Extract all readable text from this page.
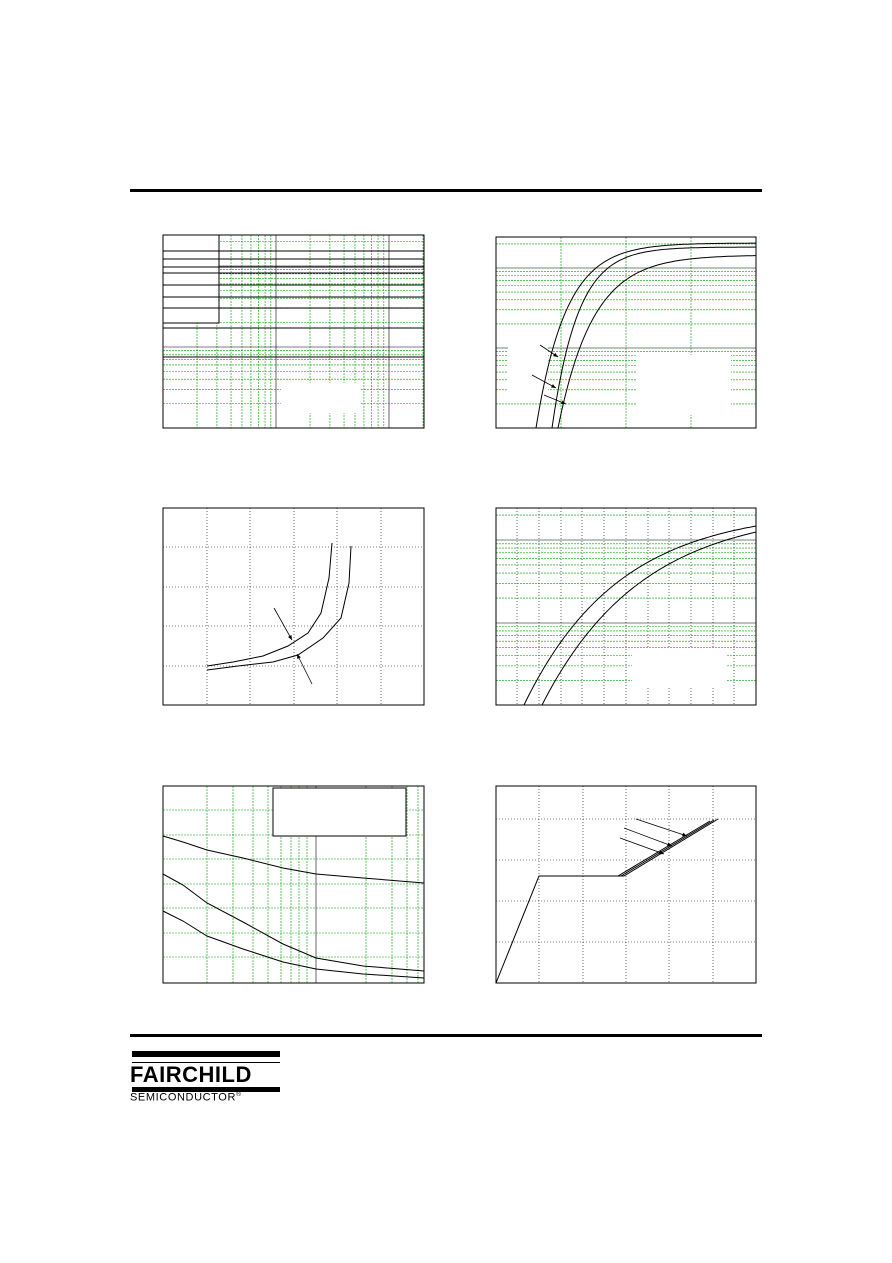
FAIRCHILD
SEMICONDUCTOR®
